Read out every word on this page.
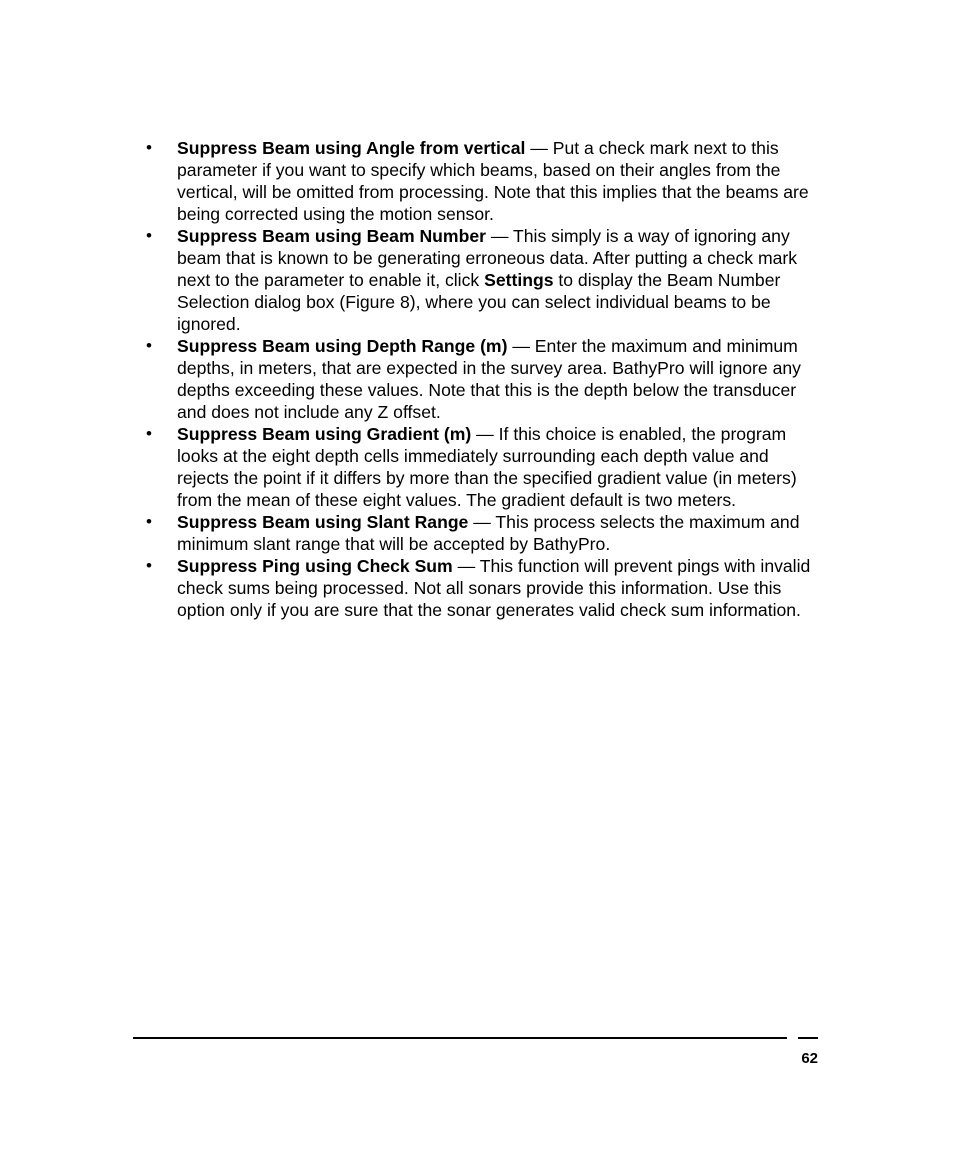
• Suppress Beam using Angle from vertical — Put a check mark next to this parameter if you want to specify which beams, based on their angles from the vertical, will be omitted from processing. Note that this implies that the beams are being corrected using the motion sensor.
• Suppress Beam using Beam Number — This simply is a way of ignoring any beam that is known to be generating erroneous data. After putting a check mark next to the parameter to enable it, click Settings to display the Beam Number Selection dialog box (Figure 8), where you can select individual beams to be ignored.
• Suppress Beam using Depth Range (m) — Enter the maximum and minimum depths, in meters, that are expected in the survey area. BathyPro will ignore any depths exceeding these values. Note that this is the depth below the transducer and does not include any Z offset.
• Suppress Beam using Gradient (m) — If this choice is enabled, the program looks at the eight depth cells immediately surrounding each depth value and rejects the point if it differs by more than the specified gradient value (in meters) from the mean of these eight values. The gradient default is two meters.
• Suppress Beam using Slant Range — This process selects the maximum and minimum slant range that will be accepted by BathyPro.
• Suppress Ping using Check Sum — This function will prevent pings with invalid check sums being processed. Not all sonars provide this information. Use this option only if you are sure that the sonar generates valid check sum information.
62
